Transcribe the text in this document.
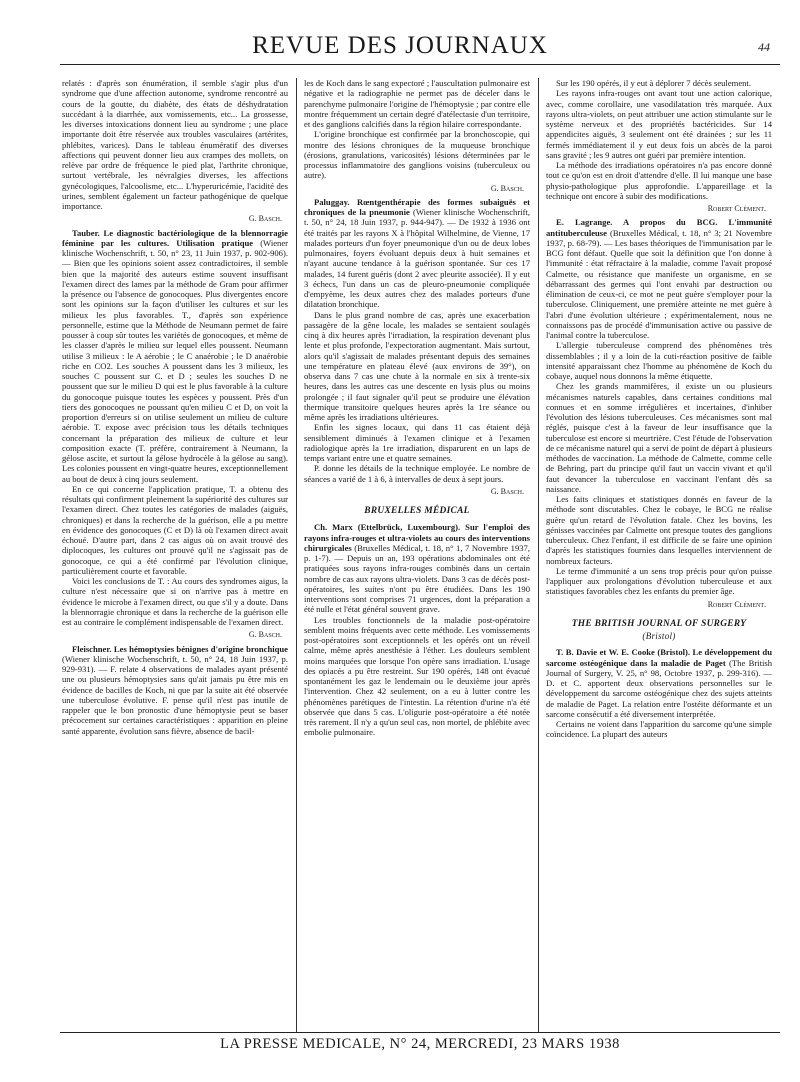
REVUE DES JOURNAUX	44

relatés : d'après son énumération, il semble s'agir plus d'un syndrome que d'une affection autonome, syndrome rencontré au cours de la goutte, du diabète, des états de déshydratation succédant à la diarrhée, aux vomissements, etc... La grossesse, les diverses intoxications donnent lieu au syndrome ; une place importante doit être réservée aux troubles vasculaires (artérites, phlébites, varices). Dans le tableau énumératif des diverses affections qui peuvent donner lieu aux crampes des mollets, on relève par ordre de fréquence le pied plat, l'arthrite chronique, surtout vertébrale, les névralgies diverses, les affections gynécologiques, l'alcoolisme, etc... L'hyperuricémie, l'acidité des urines, semblent également un facteur pathogénique de quelque importance.

G. Basch.

Tauber. Le diagnostic bactériologique de la blennorragie féminine par les cultures. Utilisation pratique (Wiener klinische Wochenschrift, t. 50, n° 23, 11 Juin 1937, p. 902-906). — Bien que les opinions soient assez contradictoires, il semble bien que la majorité des auteurs estime souvent insuffisant l'examen direct des lames par la méthode de Gram pour affirmer la présence ou l'absence de gonocoques. Plus divergentes encore sont les opinions sur la façon d'utiliser les cultures et sur les milieux les plus favorables. T., d'après son expérience personnelle, estime que la Méthode de Neumann permet de faire pousser à coup sûr toutes les variétés de gonocoques, et même de les classer d'après le milieu sur lequel elles poussent. Neumann utilise 3 milieux : le A aérobie ; le C anaérobie ; le D anaérobie riche en CO2. Les souches A poussent dans les 3 milieux, les souches C poussent sur C. et D ; seules les souches D ne poussent que sur le milieu D qui est le plus favorable à la culture du gonocoque puisque toutes les espèces y poussent. Près d'un tiers des gonocoques ne poussant qu'en milieu C et D, on voit la proportion d'erreurs si on utilise seulement un milieu de culture aérobie. T. expose avec précision tous les détails techniques concernant la préparation des milieux de culture et leur composition exacte (T. préfère, contrairement à Neumann, la gélose ascite, et surtout la gélose hydrocèle à la gélose au sang). Les colonies poussent en vingt-quatre heures, exceptionnellement au bout de deux à cinq jours seulement.

En ce qui concerne l'application pratique, T. a obtenu des résultats qui confirment pleinement la supériorité des cultures sur l'examen direct. Chez toutes les catégories de malades (aiguës, chroniques) et dans la recherche de la guérison, elle a pu mettre en évidence des gonocoques (C et D) là où l'examen direct avait échoué. D'autre part, dans 2 cas aigus où on avait trouvé des diplocoques, les cultures ont prouvé qu'il ne s'agissait pas de gonocoque, ce qui a été confirmé par l'évolution clinique, particulièrement courte et favorable.

Voici les conclusions de T. : Au cours des syndromes aigus, la culture n'est nécessaire que si on n'arrive pas à mettre en évidence le microbe à l'examen direct, ou que s'il y a doute. Dans la blennorragie chronique et dans la recherche de la guérison elle est au contraire le complément indispensable de l'examen direct.

G. Basch.

Fleischner. Les hémoptysies bénignes d'origine bronchique (Wiener klinische Wochenschrift, t. 50, n° 24, 18 Juin 1937, p. 929-931). — F. relate 4 observations de malades ayant présenté une ou plusieurs hémoptysies sans qu'ait jamais pu être mis en évidence de bacilles de Koch, ni que par la suite ait été observée une tuberculose évolutive. F. pense qu'il n'est pas inutile de rappeler que le bon pronostic d'une hémoptysie peut se baser précocement sur certaines caractéristiques : apparition en pleine santé apparente, évolution sans fièvre, absence de bacil-

les de Koch dans le sang expectoré ; l'auscultation pulmonaire est négative et la radiographie ne permet pas de déceler dans le parenchyme pulmonaire l'origine de l'hémoptysie ; par contre elle montre fréquemment un certain degré d'atélectasie d'un territoire, et des ganglions calcifiés dans la région hilaire correspondante.

L'origine bronchique est confirmée par la bronchoscopie, qui montre des lésions chroniques de la muqueuse bronchique (érosions, granulations, varicosités) lésions déterminées par le processus inflammatoire des ganglions voisins (tuberculeux ou autre).

G. Basch.

Paluggay. Rœntgenthérapie des formes subaiguës et chroniques de la pneumonie (Wiener klinische Wochenschrift, t. 50, n° 24, 18 Juin 1937, p. 944-947). — De 1932 à 1936 ont été traités par les rayons X à l'hôpital Wilhelmine, de Vienne, 17 malades porteurs d'un foyer pneumonique d'un ou de deux lobes pulmonaires, foyers évoluant depuis deux à huit semaines et n'ayant aucune tendance à la guérison spontanée. Sur ces 17 malades, 14 furent guéris (dont 2 avec pleurite associée). Il y eut 3 échecs, l'un dans un cas de pleuro-pneumonie compliquée d'empyème, les deux autres chez des malades porteurs d'une dilatation bronchique.

Dans le plus grand nombre de cas, après une exacerbation passagère de la gêne locale, les malades se sentaient soulagés cinq à dix heures après l'irradiation, la respiration devenant plus lente et plus profonde, l'expectoration augmentant. Mais surtout, alors qu'il s'agissait de malades présentant depuis des semaines une température en plateau élevé (aux environs de 39°), on observa dans 7 cas une chute à la normale en six à trente-six heures, dans les autres cas une descente en lysis plus ou moins prolongée ; il faut signaler qu'il peut se produire une élévation thermique transitoire quelques heures après la 1re séance ou même après les irradiations ultérieures.

Enfin les signes locaux, qui dans 11 cas étaient déjà sensiblement diminués à l'examen clinique et à l'examen radiologique après la 1re irradiation, disparurent en un laps de temps variant entre une et quatre semaines.

P. donne les détails de la technique employée. Le nombre de séances a varié de 1 à 6, à intervalles de deux à sept jours.

G. Basch.

BRUXELLES MÉDICAL

Ch. Marx (Ettelbrück, Luxembourg). Sur l'emploi des rayons infra-rouges et ultra-violets au cours des interventions chirurgicales (Bruxelles Médical, t. 18, n° 1, 7 Novembre 1937, p. 1-7). — Depuis un an, 193 opérations abdominales ont été pratiquées sous rayons infra-rouges combinés dans un certain nombre de cas aux rayons ultra-violets. Dans 3 cas de décès post-opératoires, les suites n'ont pu être étudiées. Dans les 190 interventions sont comprises 71 urgences, dont la préparation a été nulle et l'état général souvent grave.

Les troubles fonctionnels de la maladie post-opératoire semblent moins fréquents avec cette méthode. Les vomissements post-opératoires sont exceptionnels et les opérés ont un réveil calme, même après anesthésie à l'éther. Les douleurs semblent moins marquées que lorsque l'on opère sans irradiation. L'usage des opiacés a pu être restreint. Sur 190 opérés, 148 ont évacué spontanément les gaz le lendemain ou le deuxième jour après l'intervention. Chez 42 seulement, on a eu à lutter contre les phénomènes parétiques de l'intestin. La rétention d'urine n'a été observée que dans 5 cas. L'oligurie post-opératoire a été notée très rarement. Il n'y a qu'un seul cas, non mortel, de phlébite avec embolie pulmonaire.

Sur les 190 opérés, il y eut à déplorer 7 décès seulement.

Les rayons infra-rouges ont avant tout une action calorique, avec, comme corollaire, une vasodilatation très marquée. Aux rayons ultra-violets, on peut attribuer une action stimulante sur le système nerveux et des propriétés bactéricides. Sur 14 appendicites aiguës, 3 seulement ont été drainées ; sur les 11 fermés immédiatement il y eut deux fois un abcès de la paroi sans gravité ; les 9 autres ont guéri par première intention.

La méthode des irradiations opératoires n'a pas encore donné tout ce qu'on est en droit d'attendre d'elle. Il lui manque une base physio-pathologique plus approfondie. L'appareillage et la technique ont encore à subir des modifications.

Robert Clément.

E. Lagrange. A propos du BCG. L'immunité antituberculeuse (Bruxelles Médical, t. 18, n° 3; 21 Novembre 1937, p. 68-79). — Les bases théoriques de l'immunisation par le BCG font défaut. Quelle que soit la définition que l'on donne à l'immunité : état réfractaire à la maladie, comme l'avait proposé Calmette, ou résistance que manifeste un organisme, en se débarrassant des germes qui l'ont envahi par destruction ou élimination de ceux-ci, ce mot ne peut guère s'employer pour la tuberculose. Cliniquement, une première atteinte ne met guère à l'abri d'une évolution ultérieure ; expérimentalement, nous ne connaissons pas de procédé d'immunisation active ou passive de l'animal contre la tuberculose.

L'allergie tuberculeuse comprend des phénomènes très dissemblables ; il y a loin de la cuti-réaction positive de faible intensité apparaissant chez l'homme au phénomène de Koch du cobaye, auquel nous donnons la même étiquette.

Chez les grands mammifères, il existe un ou plusieurs mécanismes naturels capables, dans certaines conditions mal connues et en somme irrégulières et incertaines, d'inhiber l'évolution des lésions tuberculeuses. Ces mécanismes sont mal réglés, puisque c'est à la faveur de leur insuffisance que la tuberculose est encore si meurtrière. C'est l'étude de l'observation de ce mécanisme naturel qui a servi de point de départ à plusieurs méthodes de vaccination. La méthode de Calmette, comme celle de Behring, part du principe qu'il faut un vaccin vivant et qu'il faut devancer la tuberculose en vaccinant l'enfant dès sa naissance.

Les faits cliniques et statistiques donnés en faveur de la méthode sont discutables. Chez le cobaye, le BCG ne réalise guère qu'un retard de l'évolution fatale. Chez les bovins, les génisses vaccinées par Calmette ont presque toutes des ganglions tuberculeux. Chez l'enfant, il est difficile de se faire une opinion d'après les statistiques fournies dans lesquelles interviennent de nombreux facteurs.

Le terme d'immunité a un sens trop précis pour qu'on puisse l'appliquer aux prolongations d'évolution tuberculeuse et aux statistiques favorables chez les enfants du premier âge.

Robert Clément.

THE BRITISH JOURNAL OF SURGERY
(Bristol)

T. B. Davie et W. E. Cooke (Bristol). Le développement du sarcome ostéogénique dans la maladie de Paget (The British Journal of Surgery, V. 25, n° 98, Octobre 1937, p. 299-316). — D. et C. apportent deux observations personnelles sur le développement du sarcome ostéogénique chez des sujets atteints de maladie de Paget. La relation entre l'ostéite déformante et un sarcome consécutif a été diversement interprétée.

Certains ne voient dans l'apparition du sarcome qu'une simple coïncidence. La plupart des auteurs

LA PRESSE MEDICALE, N° 24, MERCREDI, 23 MARS 1938
